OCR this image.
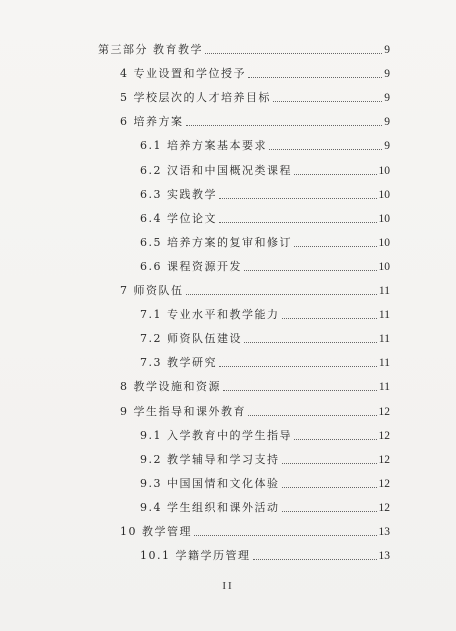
第三部分 教育教学	9
4 专业设置和学位授予	9
5 学校层次的人才培养目标	9
6 培养方案	9
6.1 培养方案基本要求	9
6.2 汉语和中国概况类课程	10
6.3 实践教学	10
6.4 学位论文	10
6.5 培养方案的复审和修订	10
6.6 课程资源开发	10
7 师资队伍	11
7.1 专业水平和教学能力	11
7.2 师资队伍建设	11
7.3 教学研究	11
8 教学设施和资源	11
9 学生指导和课外教育	12
9.1 入学教育中的学生指导	12
9.2 教学辅导和学习支持	12
9.3 中国国情和文化体验	12
9.4 学生组织和课外活动	12
10 教学管理	13
10.1 学籍学历管理	13
II
